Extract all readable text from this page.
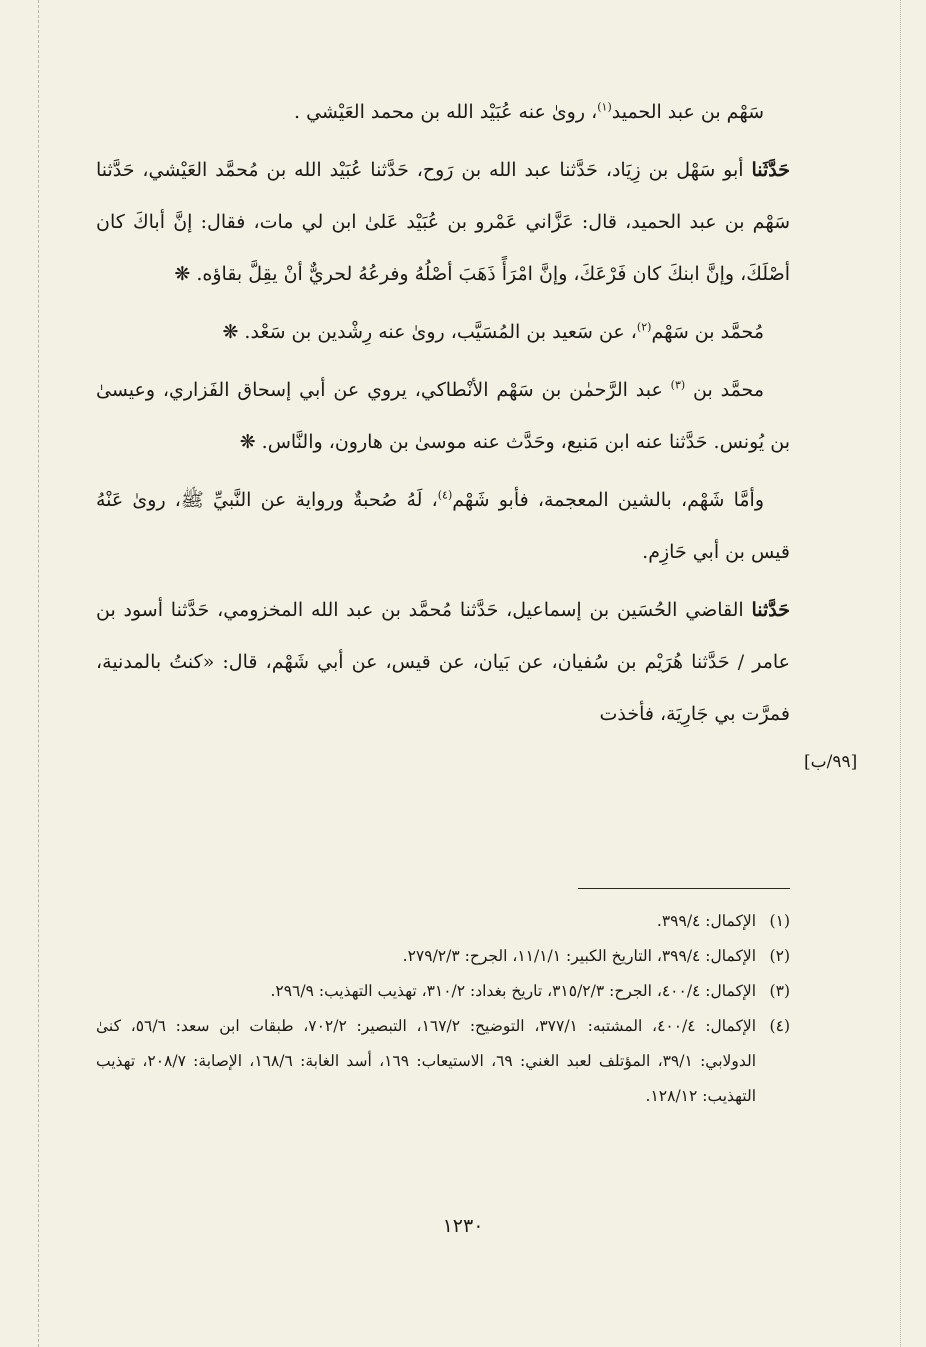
سَهْم بن عبد الحميد$^{(١)}$، روىٰ عنه عُبَيْد الله بن محمد العَيْشي .

حَدَّثَنا أبو سَهْل بن زِيَاد، حَدَّثنا عبد الله بن رَوح، حَدَّثنا عُبَيْد الله بن مُحمَّد العَيْشي، حَدَّثنا سَهْم بن عبد الحميد، قال: عَزَّاني عَمْرو بن عُبَيْد عَلىٰ ابن لي مات، فقال: إنَّ أباكَ كان أصْلَكَ، وإنَّ ابنكَ كان فَرْعَكَ، وإنَّ امْرَأً ذَهَبَ أصْلُهُ وفرعُهُ لحريٌّ أنْ يقِلَّ بقاؤه. ❋

مُحمَّد بن سَهْم$^{(٢)}$، عن سَعيد بن المُسَيَّب، روىٰ عنه رِشْدين بن سَعْد. ❋

محمَّد بن $^{(٣)}$ عبد الرَّحمٰن بن سَهْم الأنْطاكي، يروي عن أبي إسحاق الفَزاري، وعيسىٰ بن يُونس. حَدَّثنا عنه ابن مَنيع، وحَدَّث عنه موسىٰ بن هارون، والنَّاس. ❋

وأمَّا شَهْم، بالشين المعجمة، فأبو شَهْم$^{(٤)}$، لَهُ صُحبةٌ ورواية عن النَّبيِّ ﷺ، روىٰ عَنْهُ قيس بن أبي حَازِم.

حَدَّثنا القاضي الحُسَين بن إسماعيل، حَدَّثنا مُحمَّد بن عبد الله المخزومي، حَدَّثنا أسود بن عامر / حَدَّثنا هُرَيْم بن سُفيان، عن بَيان، عن قيس، عن أبي شَهْم، قال: «كنتُ بالمدنية، فمرَّت بي جَارِيَة، فأخذت

[٩٩/ب]
(١)
الإكمال: ٣٩٩/٤.
(٢)
الإكمال: ٣٩٩/٤، التاريخ الكبير: ١١/١/١، الجرح: ٢٧٩/٢/٣.
(٣)
الإكمال: ٤٠٠/٤، الجرح: ٣١٥/٢/٣، تاريخ بغداد: ٣١٠/٢، تهذيب التهذيب: ٢٩٦/٩.
(٤)
الإكمال: ٤٠٠/٤، المشتبه: ٣٧٧/١، التوضيح: ١٦٧/٢، التبصير: ٧٠٢/٢، طبقات ابن سعد: ٥٦/٦، كنىٰ الدولابي: ٣٩/١، المؤتلف لعبد الغني: ٦٩، الاستيعاب: ١٦٩، أسد الغابة: ١٦٨/٦، الإصابة: ٢٠٨/٧، تهذيب التهذيب: ١٢٨/١٢.
١٢٣٠
